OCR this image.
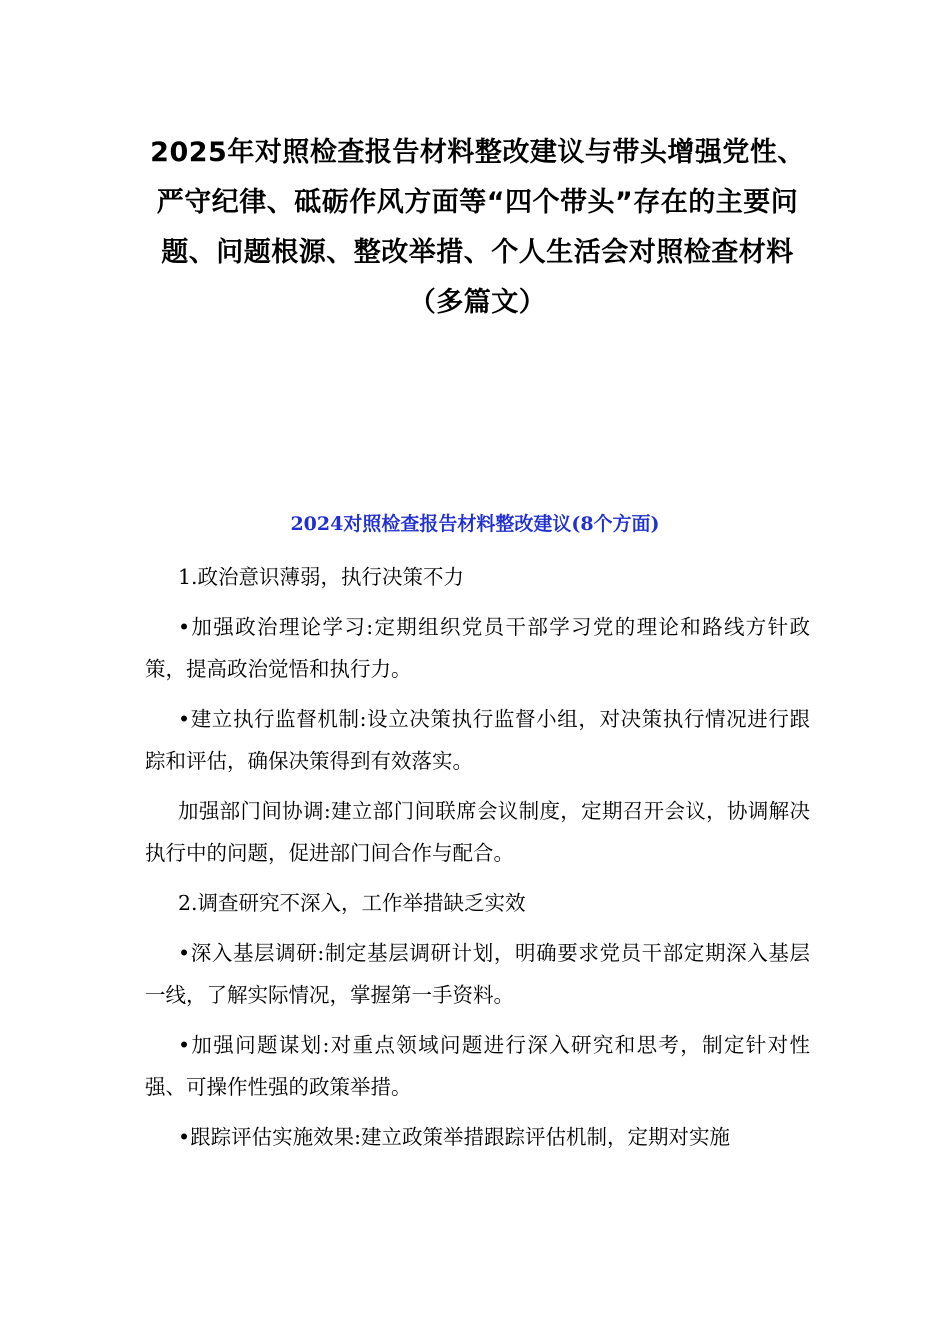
2025年对照检查报告材料整改建议与带头增强党性、严守纪律、砥砺作风方面等“四个带头”存在的主要问题、问题根源、整改举措、个人生活会对照检查材料（多篇文）
2024对照检查报告材料整改建议(8个方面)

1.政治意识薄弱，执行决策不力

•加强政治理论学习:定期组织党员干部学习党的理论和路线方针政策，提高政治觉悟和执行力。

•建立执行监督机制:设立决策执行监督小组，对决策执行情况进行跟踪和评估，确保决策得到有效落实。

加强部门间协调:建立部门间联席会议制度，定期召开会议，协调解决执行中的问题，促进部门间合作与配合。

2.调查研究不深入，工作举措缺乏实效

•深入基层调研:制定基层调研计划，明确要求党员干部定期深入基层一线，了解实际情况，掌握第一手资料。

•加强问题谋划:对重点领域问题进行深入研究和思考，制定针对性强、可操作性强的政策举措。

•跟踪评估实施效果:建立政策举措跟踪评估机制，定期对实施
